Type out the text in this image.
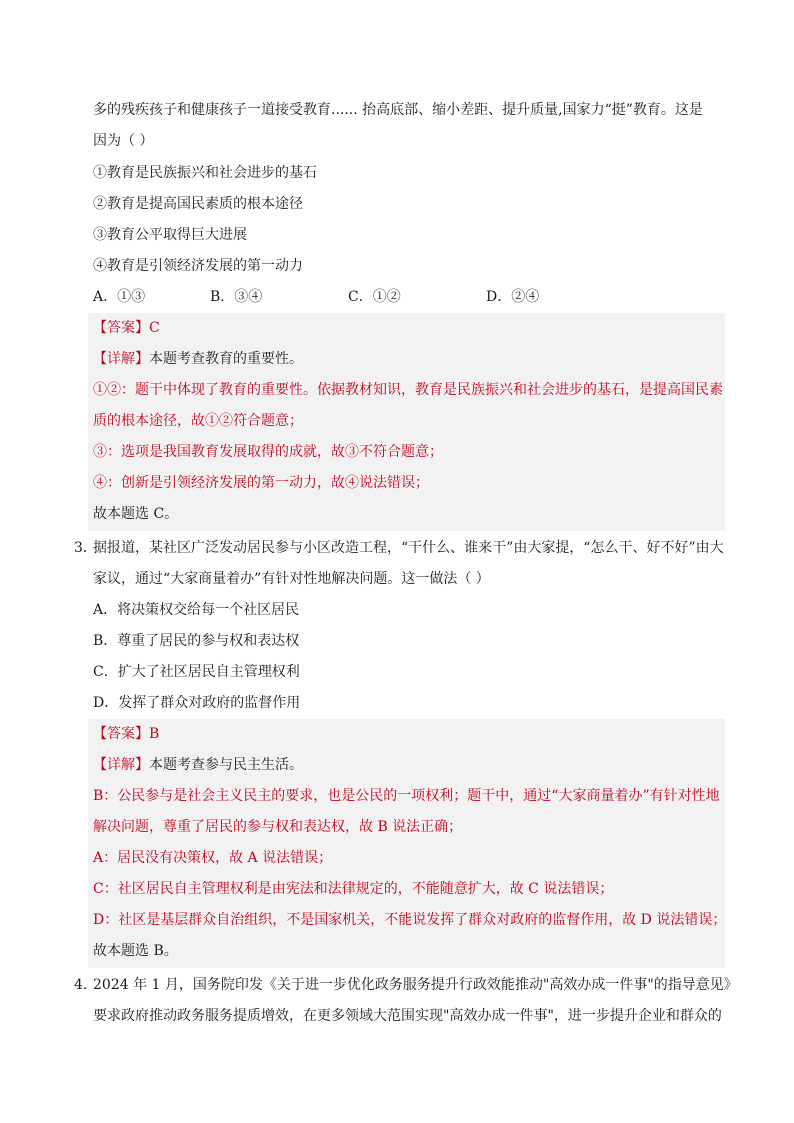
多的残疾孩子和健康孩子一道接受教育...... 抬高底部、缩小差距、提升质量,国家力“挺”教育。这是
因为（ ）
①教育是民族振兴和社会进步的基石
②教育是提高国民素质的根本途径
③教育公平取得巨大进展
④教育是引领经济发展的第一动力
A．①③	B．③④	C．①②	D．②④
【答案】C
【详解】本题考查教育的重要性。
①②：题干中体现了教育的重要性。依据教材知识，教育是民族振兴和社会进步的基石，是提高国民素
质的根本途径，故①②符合题意；
③：选项是我国教育发展取得的成就，故③不符合题意；
④：创新是引领经济发展的第一动力，故④说法错误；
故本题选 C。
3．
据报道，某社区广泛发动居民参与小区改造工程，“干什么、谁来干”由大家提，“怎么干、好不好”由大
家议，通过“大家商量着办”有针对性地解决问题。这一做法（ ）
A．将决策权交给每一个社区居民
B．尊重了居民的参与权和表达权
C．扩大了社区居民自主管理权利
D．发挥了群众对政府的监督作用
【答案】B
【详解】本题考查参与民主生活。
B：公民参与是社会主义民主的要求，也是公民的一项权利；题干中，通过“大家商量着办”有针对性地
解决问题，尊重了居民的参与权和表达权，故 B 说法正确；
A：居民没有决策权，故 A 说法错误；
C：社区居民自主管理权利是由宪法和法律规定的，不能随意扩大，故 C 说法错误；
D：社区是基层群众自治组织，不是国家机关，不能说发挥了群众对政府的监督作用，故 D 说法错误；
故本题选 B。
4．
2024 年 1 月，国务院印发《关于进一步优化政务服务提升行政效能推动"高效办成一件事"的指导意见》
要求政府推动政务服务提质增效，在更多领域大范围实现"高效办成一件事"，进一步提升企业和群众的
